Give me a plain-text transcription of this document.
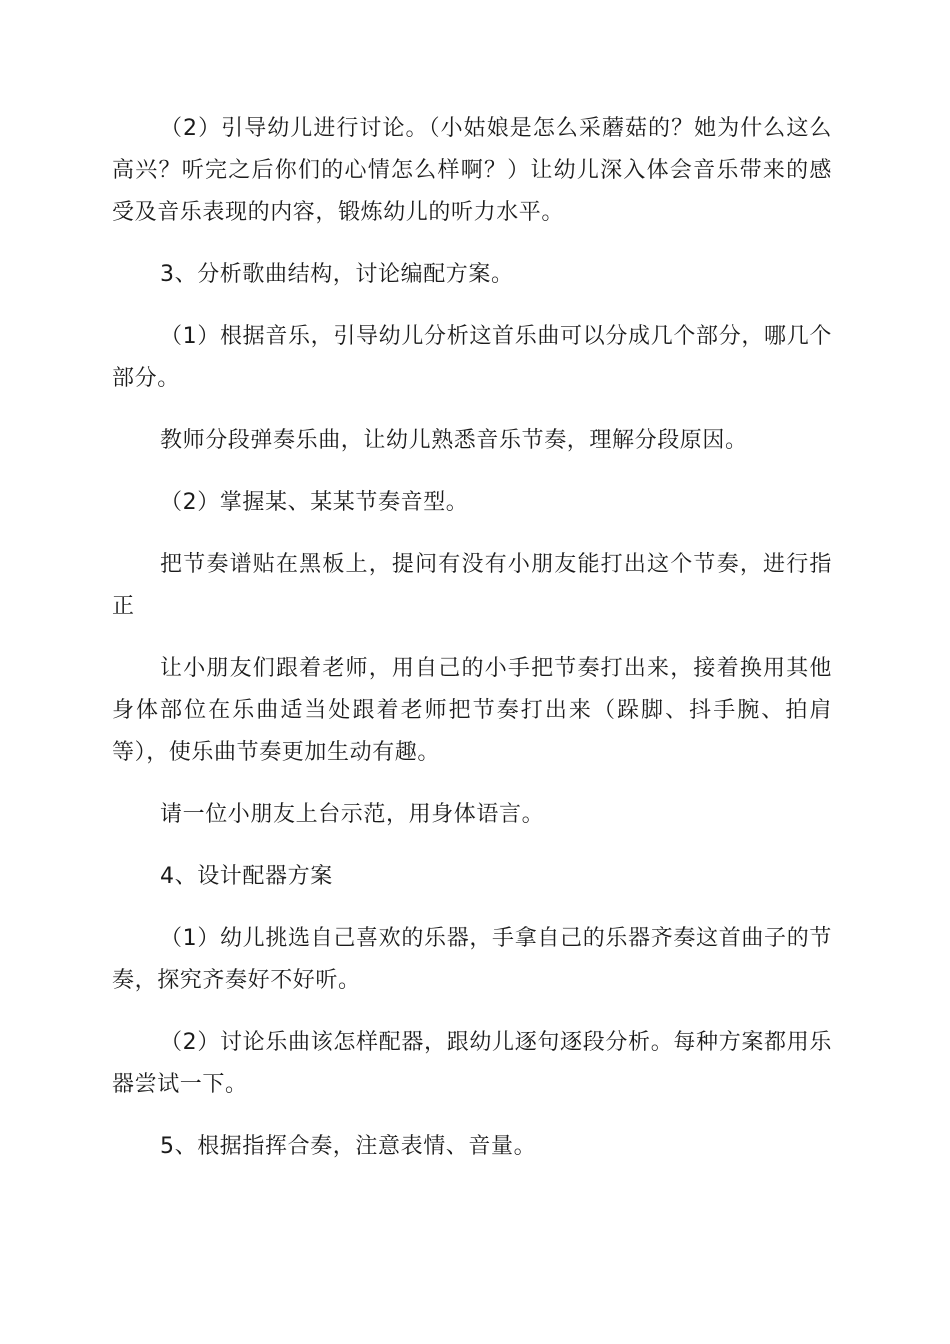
（2）引导幼儿进行讨论。（小姑娘是怎么采蘑菇的？她为什么这么高兴？听完之后你们的心情怎么样啊？）让幼儿深入体会音乐带来的感受及音乐表现的内容，锻炼幼儿的听力水平。

3、分析歌曲结构，讨论编配方案。

（1）根据音乐，引导幼儿分析这首乐曲可以分成几个部分，哪几个部分。

教师分段弹奏乐曲，让幼儿熟悉音乐节奏，理解分段原因。

（2）掌握某、某某节奏音型。

把节奏谱贴在黑板上，提问有没有小朋友能打出这个节奏，进行指正

让小朋友们跟着老师，用自己的小手把节奏打出来，接着换用其他身体部位在乐曲适当处跟着老师把节奏打出来（跺脚、抖手腕、拍肩等），使乐曲节奏更加生动有趣。

请一位小朋友上台示范，用身体语言。

4、设计配器方案

（1）幼儿挑选自己喜欢的乐器，手拿自己的乐器齐奏这首曲子的节奏，探究齐奏好不好听。

（2）讨论乐曲该怎样配器，跟幼儿逐句逐段分析。每种方案都用乐器尝试一下。

5、根据指挥合奏，注意表情、音量。
